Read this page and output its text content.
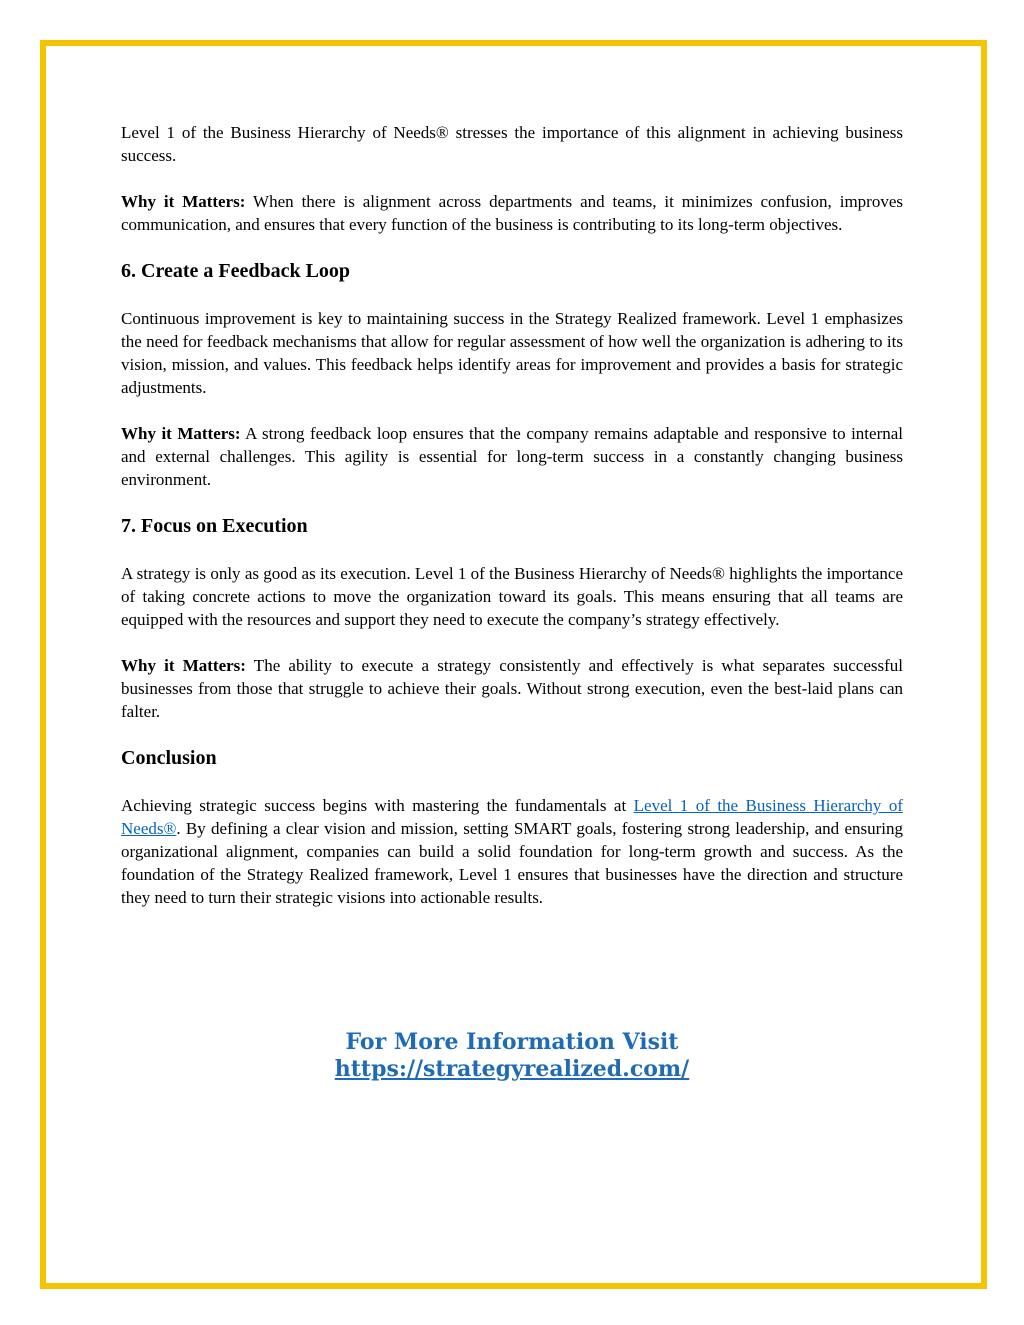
Level 1 of the Business Hierarchy of Needs® stresses the importance of this alignment in achieving business success.

Why it Matters: When there is alignment across departments and teams, it minimizes confusion, improves communication, and ensures that every function of the business is contributing to its long-term objectives.

6. Create a Feedback Loop

Continuous improvement is key to maintaining success in the Strategy Realized framework. Level 1 emphasizes the need for feedback mechanisms that allow for regular assessment of how well the organization is adhering to its vision, mission, and values. This feedback helps identify areas for improvement and provides a basis for strategic adjustments.

Why it Matters: A strong feedback loop ensures that the company remains adaptable and responsive to internal and external challenges. This agility is essential for long-term success in a constantly changing business environment.

7. Focus on Execution

A strategy is only as good as its execution. Level 1 of the Business Hierarchy of Needs® highlights the importance of taking concrete actions to move the organization toward its goals. This means ensuring that all teams are equipped with the resources and support they need to execute the company’s strategy effectively.

Why it Matters: The ability to execute a strategy consistently and effectively is what separates successful businesses from those that struggle to achieve their goals. Without strong execution, even the best-laid plans can falter.

Conclusion

Achieving strategic success begins with mastering the fundamentals at Level 1 of the Business Hierarchy of Needs®. By defining a clear vision and mission, setting SMART goals, fostering strong leadership, and ensuring organizational alignment, companies can build a solid foundation for long-term growth and success. As the foundation of the Strategy Realized framework, Level 1 ensures that businesses have the direction and structure they need to turn their strategic visions into actionable results.

For More Information Visit
https://strategyrealized.com/
